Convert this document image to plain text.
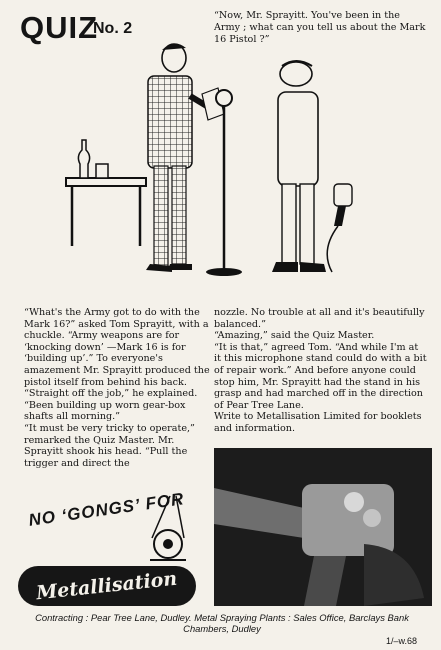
QUIZ
No. 2
“Now, Mr. Sprayitt. You've been in the Army ; what can you tell us about the Mark 16 Pistol ?”

“What's the Army got to do with the Mark 16?” asked Tom Sprayitt, with a chuckle. “Army weapons are for ‘knocking down’ —Mark 16 is for ‘building up’.” To everyone's amazement Mr. Sprayitt produced the pistol itself from behind his back. “Straight off the job,” he explained. “Been building up worn gear-box shafts all morning.”

“It must be very tricky to operate,” remarked the Quiz Master. Mr. Sprayitt shook his head. “Pull the trigger and direct the

nozzle. No trouble at all and it's beautifully balanced.”

“Amazing,” said the Quiz Master.

“It is that,” agreed Tom. “And while I'm at it this microphone stand could do with a bit of repair work.” And before anyone could stop him, Mr. Sprayitt had the stand in his grasp and had marched off in the direction of Pear Tree Lane.

Write to Metallisation Limited for booklets and information.

NO ‘GONGS’ FOR
Metallisation
Contracting : Pear Tree Lane, Dudley. Metal Spraying Plants : Sales Office, Barclays Bank Chambers, Dudley
1/–w.68
